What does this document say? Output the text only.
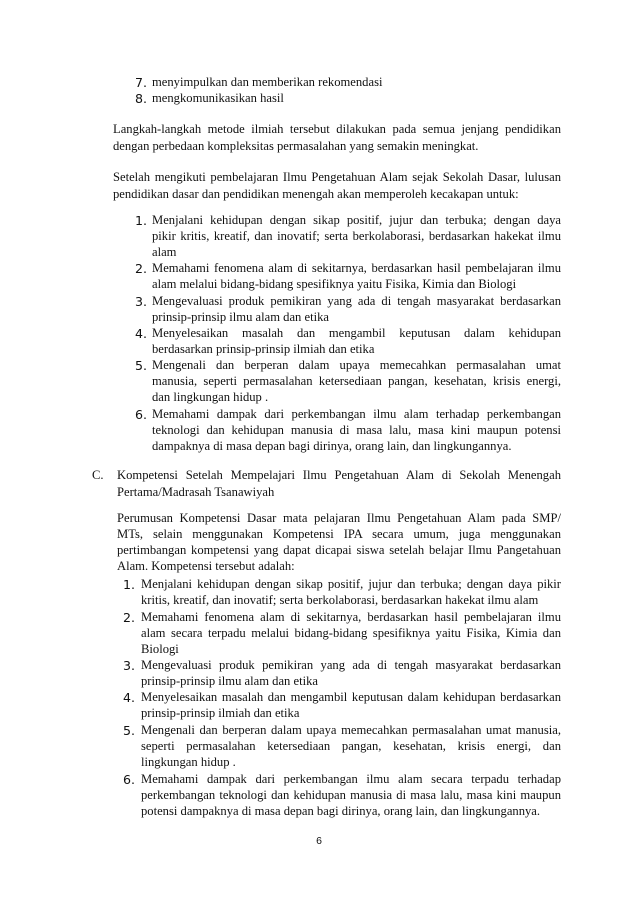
7. menyimpulkan dan memberikan rekomendasi
8. mengkomunikasikan hasil
Langkah-langkah metode ilmiah tersebut dilakukan pada semua jenjang pendidikan
dengan perbedaan kompleksitas permasalahan yang semakin meningkat.
Setelah mengikuti pembelajaran Ilmu Pengetahuan Alam sejak Sekolah Dasar, lulusan
pendidikan dasar dan pendidikan menengah akan memperoleh kecakapan untuk:
1. Menjalani kehidupan dengan sikap positif, jujur dan terbuka; dengan daya
pikir kritis, kreatif, dan inovatif; serta berkolaborasi, berdasarkan hakekat ilmu
alam
2. Memahami fenomena alam di sekitarnya, berdasarkan hasil pembelajaran ilmu
alam melalui bidang-bidang spesifiknya yaitu Fisika, Kimia dan Biologi
3. Mengevaluasi produk pemikiran yang ada di tengah masyarakat berdasarkan
prinsip-prinsip ilmu alam dan etika
4. Menyelesaikan masalah dan mengambil keputusan dalam kehidupan
berdasarkan prinsip-prinsip ilmiah dan etika
5. Mengenali dan berperan dalam upaya memecahkan permasalahan umat
manusia, seperti permasalahan ketersediaan pangan, kesehatan, krisis energi,
dan lingkungan hidup .
6. Memahami dampak dari perkembangan ilmu alam terhadap perkembangan
teknologi dan kehidupan manusia di masa lalu, masa kini maupun potensi
dampaknya di masa depan bagi dirinya, orang lain, dan lingkungannya.
C. Kompetensi Setelah Mempelajari Ilmu Pengetahuan Alam di Sekolah Menengah
Pertama/Madrasah Tsanawiyah
Perumusan Kompetensi Dasar mata pelajaran Ilmu Pengetahuan Alam pada SMP/
MTs, selain menggunakan Kompetensi IPA secara umum, juga menggunakan
pertimbangan kompetensi yang dapat dicapai siswa setelah belajar Ilmu Pangetahuan
Alam. Kompetensi tersebut adalah:
1. Menjalani kehidupan dengan sikap positif, jujur dan terbuka; dengan daya pikir
kritis, kreatif, dan inovatif; serta berkolaborasi, berdasarkan hakekat ilmu alam
2. Memahami fenomena alam di sekitarnya, berdasarkan hasil pembelajaran ilmu
alam secara terpadu melalui bidang-bidang spesifiknya yaitu Fisika, Kimia dan
Biologi
3. Mengevaluasi produk pemikiran yang ada di tengah masyarakat berdasarkan
prinsip-prinsip ilmu alam dan etika
4. Menyelesaikan masalah dan mengambil keputusan dalam kehidupan berdasarkan
prinsip-prinsip ilmiah dan etika
5. Mengenali dan berperan dalam upaya memecahkan permasalahan umat manusia,
seperti permasalahan ketersediaan pangan, kesehatan, krisis energi, dan
lingkungan hidup .
6. Memahami dampak dari perkembangan ilmu alam secara terpadu terhadap
perkembangan teknologi dan kehidupan manusia di masa lalu, masa kini maupun
potensi dampaknya di masa depan bagi dirinya, orang lain, dan lingkungannya.
6
